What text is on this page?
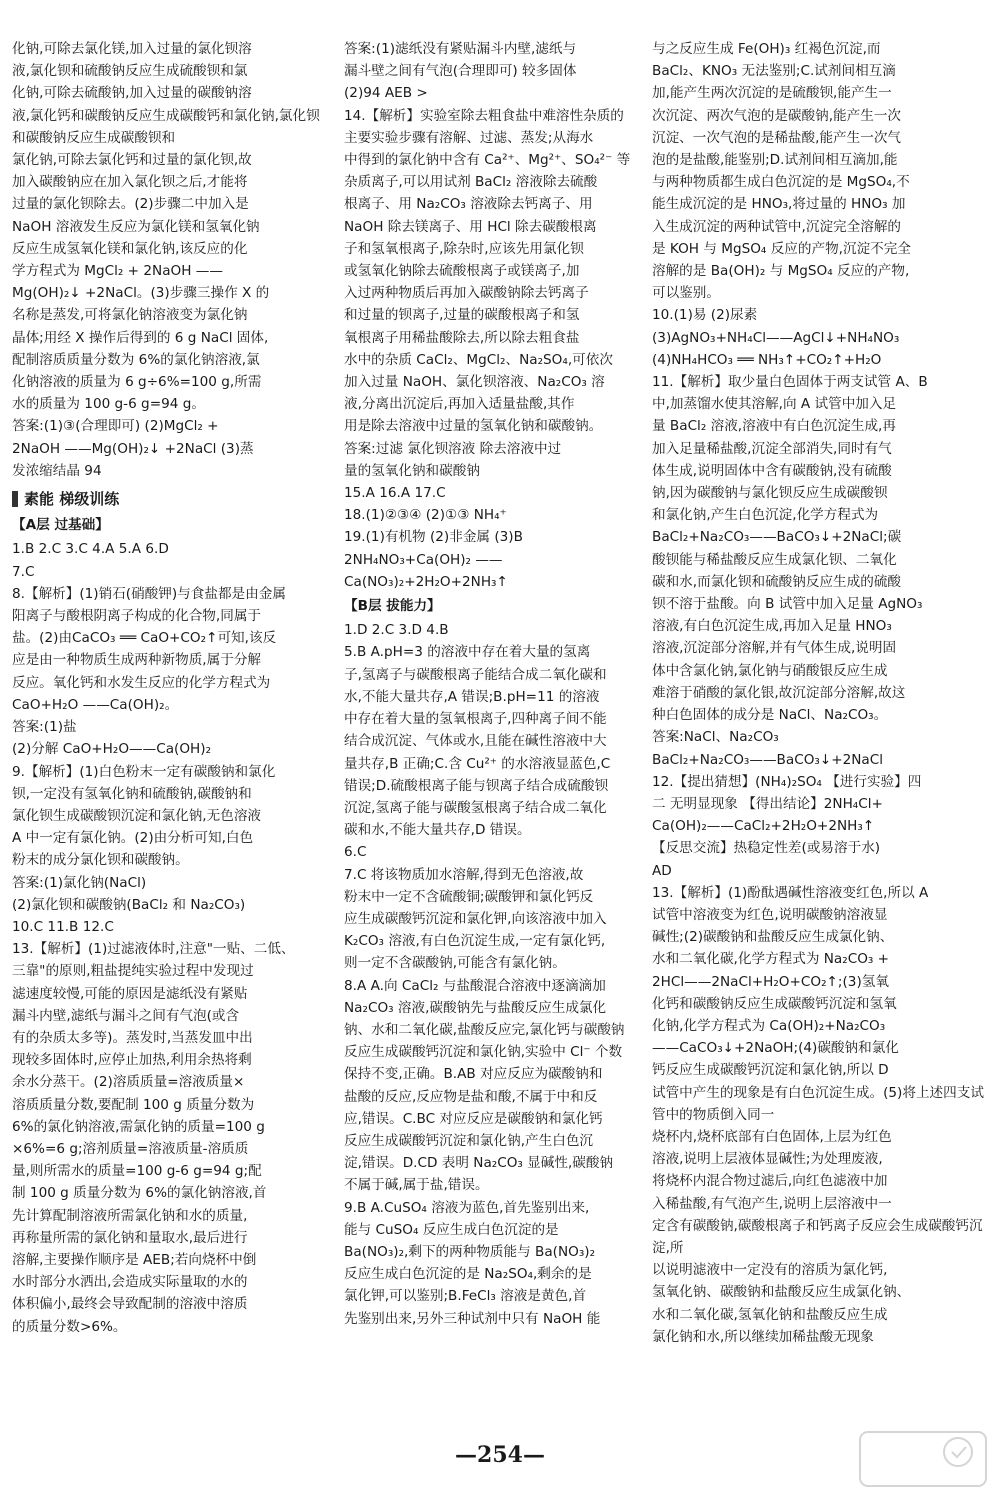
化钠,可除去氯化镁,加入过量的氯化钡溶
液,氯化钡和硫酸钠反应生成硫酸钡和氯
化钠,可除去硫酸钠,加入过量的碳酸钠溶
液,氯化钙和碳酸钠反应生成碳酸钙和氯化钠,氯化钡和碳酸钠反应生成碳酸钡和
氯化钠,可除去氯化钙和过量的氯化钡,故
加入碳酸钠应在加入氯化钡之后,才能将
过量的氯化钡除去。(2)步骤二中加入是
NaOH 溶液发生反应为氯化镁和氢氧化钠
反应生成氢氧化镁和氯化钠,该反应的化
学方程式为 MgCl₂ + 2NaOH ——
Mg(OH)₂↓ +2NaCl。(3)步骤三操作 X 的
名称是蒸发,可将氯化钠溶液变为氯化钠
晶体;用经 X 操作后得到的 6 g NaCl 固体,
配制溶质质量分数为 6%的氯化钠溶液,氯
化钠溶液的质量为 6 g÷6%=100 g,所需
水的质量为 100 g-6 g=94 g。

答案:(1)③(合理即可) (2)MgCl₂ +
2NaOH ——Mg(OH)₂↓ +2NaCl (3)蒸
发浓缩结晶 94

素能 梯级训练
【A层 过基础】

1.B 2.C 3.C 4.A 5.A 6.D

7.C

8.【解析】(1)销石(硝酸钾)与食盐都是由金属
阳离子与酸根阴离子构成的化合物,同属于
盐。(2)由CaCO₃ ══ CaO+CO₂↑可知,该反
应是由一种物质生成两种新物质,属于分解
反应。氧化钙和水发生反应的化学方程式为
CaO+H₂O ——Ca(OH)₂。

答案:(1)盐

(2)分解 CaO+H₂O——Ca(OH)₂

9.【解析】(1)白色粉末一定有碳酸钠和氯化
钡,一定没有氢氧化钠和硫酸钠,碳酸钠和
氯化钡生成碳酸钡沉淀和氯化钠,无色溶液
A 中一定有氯化钠。(2)由分析可知,白色
粉末的成分氯化钡和碳酸钠。

答案:(1)氯化钠(NaCl)

(2)氯化钡和碳酸钠(BaCl₂ 和 Na₂CO₃)

10.C 11.B 12.C

13.【解析】(1)过滤液体时,注意"一贴、二低、
三靠"的原则,粗盐提纯实验过程中发现过
滤速度较慢,可能的原因是滤纸没有紧贴
漏斗内壁,滤纸与漏斗之间有气泡(或含
有的杂质太多等)。蒸发时,当蒸发皿中出
现较多固体时,应停止加热,利用余热将剩
余水分蒸干。(2)溶质质量=溶液质量×
溶质质量分数,要配制 100 g 质量分数为
6%的氯化钠溶液,需氯化钠的质量=100 g
×6%=6 g;溶剂质量=溶液质量-溶质质
量,则所需水的质量=100 g-6 g=94 g;配
制 100 g 质量分数为 6%的氯化钠溶液,首
先计算配制溶液所需氯化钠和水的质量,
再称量所需的氯化钠和量取水,最后进行
溶解,主要操作顺序是 AEB;若向烧杯中倒
水时部分水洒出,会造成实际量取的水的
体积偏小,最终会导致配制的溶液中溶质
的质量分数>6%。

答案:(1)滤纸没有紧贴漏斗内壁,滤纸与
漏斗壁之间有气泡(合理即可) 较多固体
(2)94 AEB >

14.【解析】实验室除去粗食盐中难溶性杂质的
主要实验步骤有溶解、过滤、蒸发;从海水
中得到的氯化钠中含有 Ca²⁺、Mg²⁺、SO₄²⁻ 等
杂质离子,可以用试剂 BaCl₂ 溶液除去硫酸
根离子、用 Na₂CO₃ 溶液除去钙离子、用
NaOH 除去镁离子、用 HCl 除去碳酸根离
子和氢氧根离子,除杂时,应该先用氯化钡
或氢氧化钠除去硫酸根离子或镁离子,加
入过两种物质后再加入碳酸钠除去钙离子
和过量的钡离子,过量的碳酸根离子和氢
氧根离子用稀盐酸除去,所以除去粗食盐
水中的杂质 CaCl₂、MgCl₂、Na₂SO₄,可依次
加入过量 NaOH、氯化钡溶液、Na₂CO₃ 溶
液,分离出沉淀后,再加入适量盐酸,其作
用是除去溶液中过量的氢氧化钠和碳酸钠。

答案:过滤 氯化钡溶液 除去溶液中过
量的氢氧化钠和碳酸钠

15.A 16.A 17.C

18.(1)②③④ (2)①③ NH₄⁺

19.(1)有机物 (2)非金属 (3)B

2NH₄NO₃+Ca(OH)₂ ——
Ca(NO₃)₂+2H₂O+2NH₃↑

【B层 拔能力】

1.D 2.C 3.D 4.B

5.B A.pH=3 的溶液中存在着大量的氢离
子,氢离子与碳酸根离子能结合成二氧化碳和
水,不能大量共存,A 错误;B.pH=11 的溶液
中存在着大量的氢氧根离子,四种离子间不能
结合成沉淀、气体或水,且能在碱性溶液中大
量共存,B 正确;C.含 Cu²⁺ 的水溶液显蓝色,C
错误;D.硫酸根离子能与钡离子结合成硫酸钡
沉淀,氢离子能与碳酸氢根离子结合成二氧化
碳和水,不能大量共存,D 错误。

6.C

7.C 将该物质加水溶解,得到无色溶液,故
粉末中一定不含硫酸铜;碳酸钾和氯化钙反
应生成碳酸钙沉淀和氯化钾,向该溶液中加入
K₂CO₃ 溶液,有白色沉淀生成,一定有氯化钙,
则一定不含碳酸钠,可能含有氯化钠。

8.A A.向 CaCl₂ 与盐酸混合溶液中逐滴滴加
Na₂CO₃ 溶液,碳酸钠先与盐酸反应生成氯化
钠、水和二氧化碳,盐酸反应完,氯化钙与碳酸钠
反应生成碳酸钙沉淀和氯化钠,实验中 Cl⁻ 个数
保持不变,正确。B.AB 对应反应为碳酸钠和
盐酸的反应,反应物是盐和酸,不属于中和反
应,错误。C.BC 对应反应是碳酸钠和氯化钙
反应生成碳酸钙沉淀和氯化钠,产生白色沉
淀,错误。D.CD 表明 Na₂CO₃ 显碱性,碳酸钠
不属于碱,属于盐,错误。

9.B A.CuSO₄ 溶液为蓝色,首先鉴别出来,
能与 CuSO₄ 反应生成白色沉淀的是
Ba(NO₃)₂,剩下的两种物质能与 Ba(NO₃)₂
反应生成白色沉淀的是 Na₂SO₄,剩余的是
氯化钾,可以鉴别;B.FeCl₃ 溶液是黄色,首
先鉴别出来,另外三种试剂中只有 NaOH 能

与之反应生成 Fe(OH)₃ 红褐色沉淀,而
BaCl₂、KNO₃ 无法鉴别;C.试剂间相互滴
加,能产生两次沉淀的是硫酸钡,能产生一
次沉淀、两次气泡的是碳酸钠,能产生一次
沉淀、一次气泡的是稀盐酸,能产生一次气
泡的是盐酸,能鉴别;D.试剂间相互滴加,能
与两种物质都生成白色沉淀的是 MgSO₄,不
能生成沉淀的是 HNO₃,将过量的 HNO₃ 加
入生成沉淀的两种试管中,沉淀完全溶解的
是 KOH 与 MgSO₄ 反应的产物,沉淀不完全
溶解的是 Ba(OH)₂ 与 MgSO₄ 反应的产物,
可以鉴别。

10.(1)易 (2)尿素

(3)AgNO₃+NH₄Cl——AgCl↓+NH₄NO₃

(4)NH₄HCO₃ ══ NH₃↑+CO₂↑+H₂O

11.【解析】取少量白色固体于两支试管 A、B
中,加蒸馏水使其溶解,向 A 试管中加入足
量 BaCl₂ 溶液,溶液中有白色沉淀生成,再
加入足量稀盐酸,沉淀全部消失,同时有气
体生成,说明固体中含有碳酸钠,没有硫酸
钠,因为碳酸钠与氯化钡反应生成碳酸钡
和氯化钠,产生白色沉淀,化学方程式为
BaCl₂+Na₂CO₃——BaCO₃↓+2NaCl;碳
酸钡能与稀盐酸反应生成氯化钡、二氧化
碳和水,而氯化钡和硫酸钠反应生成的硫酸
钡不溶于盐酸。向 B 试管中加入足量 AgNO₃
溶液,有白色沉淀生成,再加入足量 HNO₃
溶液,沉淀部分溶解,并有气体生成,说明固
体中含氯化钠,氯化钠与硝酸银反应生成
难溶于硝酸的氯化银,故沉淀部分溶解,故这
种白色固体的成分是 NaCl、Na₂CO₃。

答案:NaCl、Na₂CO₃

BaCl₂+Na₂CO₃——BaCO₃↓+2NaCl

12.【提出猜想】(NH₄)₂SO₄ 【进行实验】四
二 无明显现象 【得出结论】2NH₄Cl+
Ca(OH)₂——CaCl₂+2H₂O+2NH₃↑
【反思交流】热稳定性差(或易溶于水)
AD

13.【解析】(1)酚酞遇碱性溶液变红色,所以 A
试管中溶液变为红色,说明碳酸钠溶液显
碱性;(2)碳酸钠和盐酸反应生成氯化钠、
水和二氧化碳,化学方程式为 Na₂CO₃ +
2HCl——2NaCl+H₂O+CO₂↑;(3)氢氧
化钙和碳酸钠反应生成碳酸钙沉淀和氢氧
化钠,化学方程式为 Ca(OH)₂+Na₂CO₃
——CaCO₃↓+2NaOH;(4)碳酸钠和氯化
钙反应生成碳酸钙沉淀和氯化钠,所以 D
试管中产生的现象是有白色沉淀生成。(5)将上述四支试管中的物质倒入同一
烧杯内,烧杯底部有白色固体,上层为红色
溶液,说明上层液体显碱性;为处理废液,
将烧杯内混合物过滤后,向红色滤液中加
入稀盐酸,有气泡产生,说明上层溶液中一
定含有碳酸钠,碳酸根离子和钙离子反应会生成碳酸钙沉淀,所
以说明滤液中一定没有的溶质为氯化钙,
氢氧化钠、碳酸钠和盐酸反应生成氯化钠、
水和二氧化碳,氢氧化钠和盐酸反应生成
氯化钠和水,所以继续加稀盐酸无现象

—254—
